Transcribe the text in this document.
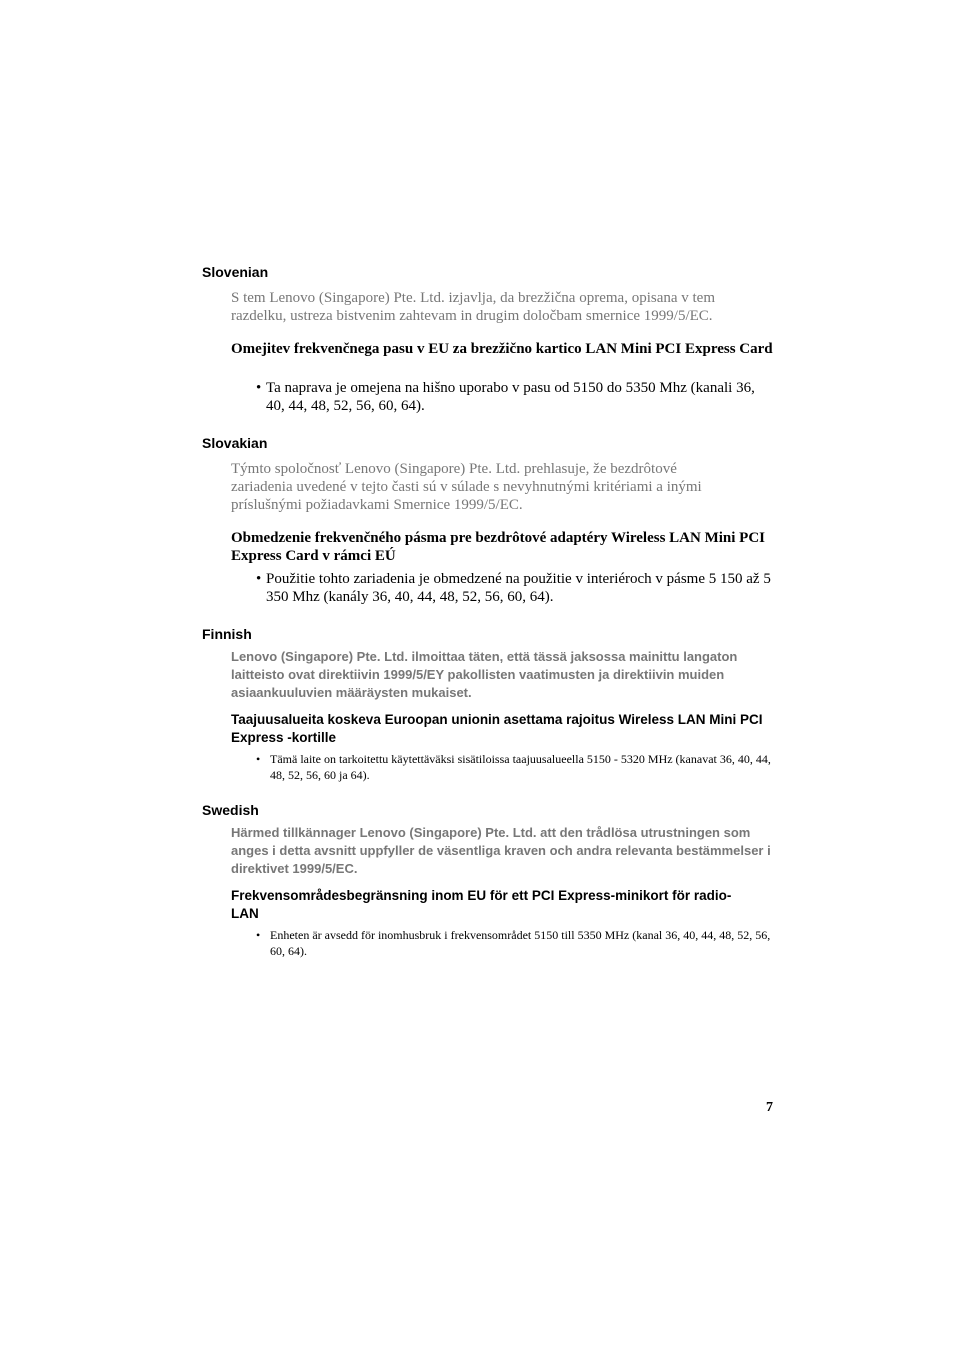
Slovenian
S tem Lenovo (Singapore) Pte. Ltd. izjavlja, da brezžična oprema, opisana v tem razdelku, ustreza bistvenim zahtevam in drugim določbam smernice 1999/5/EC.
Omejitev frekvenčnega pasu v EU za brezžično kartico LAN Mini PCI Express Card
• Ta naprava je omejena na hišno uporabo v pasu od 5150 do 5350 Mhz (kanali 36, 40, 44, 48, 52, 56, 60, 64).
Slovakian
Týmto spoločnosť Lenovo (Singapore) Pte. Ltd. prehlasuje, že bezdrôtové zariadenia uvedené v tejto časti sú v súlade s nevyhnutnými kritériami a inými príslušnými požiadavkami Smernice 1999/5/EC.
Obmedzenie frekvenčného pásma pre bezdrôtové adaptéry Wireless LAN Mini PCI Express Card v rámci EÚ
• Použitie tohto zariadenia je obmedzené na použitie v interiéroch v pásme 5 150 až 5 350 Mhz (kanály 36, 40, 44, 48, 52, 56, 60, 64).
Finnish
Lenovo (Singapore) Pte. Ltd. ilmoittaa täten, että tässä jaksossa mainittu langaton laitteisto ovat direktiivin 1999/5/EY pakollisten vaatimusten ja direktiivin muiden asiaankuuluvien määräysten mukaiset.
Taajuusalueita koskeva Euroopan unionin asettama rajoitus Wireless LAN Mini PCI Express -kortille
• Tämä laite on tarkoitettu käytettäväksi sisätiloissa taajuusalueella 5150 - 5320 MHz (kanavat 36, 40, 44, 48, 52, 56, 60 ja 64).
Swedish
Härmed tillkännager Lenovo (Singapore) Pte. Ltd. att den trådlösa utrustningen som anges i detta avsnitt uppfyller de väsentliga kraven och andra relevanta bestämmelser i direktivet 1999/5/EC.
Frekvensområdesbegränsning inom EU för ett PCI Express-minikort för radio-LAN
• Enheten är avsedd för inomhusbruk i frekvensområdet 5150 till 5350 MHz (kanal 36, 40, 44, 48, 52, 56, 60, 64).
7
